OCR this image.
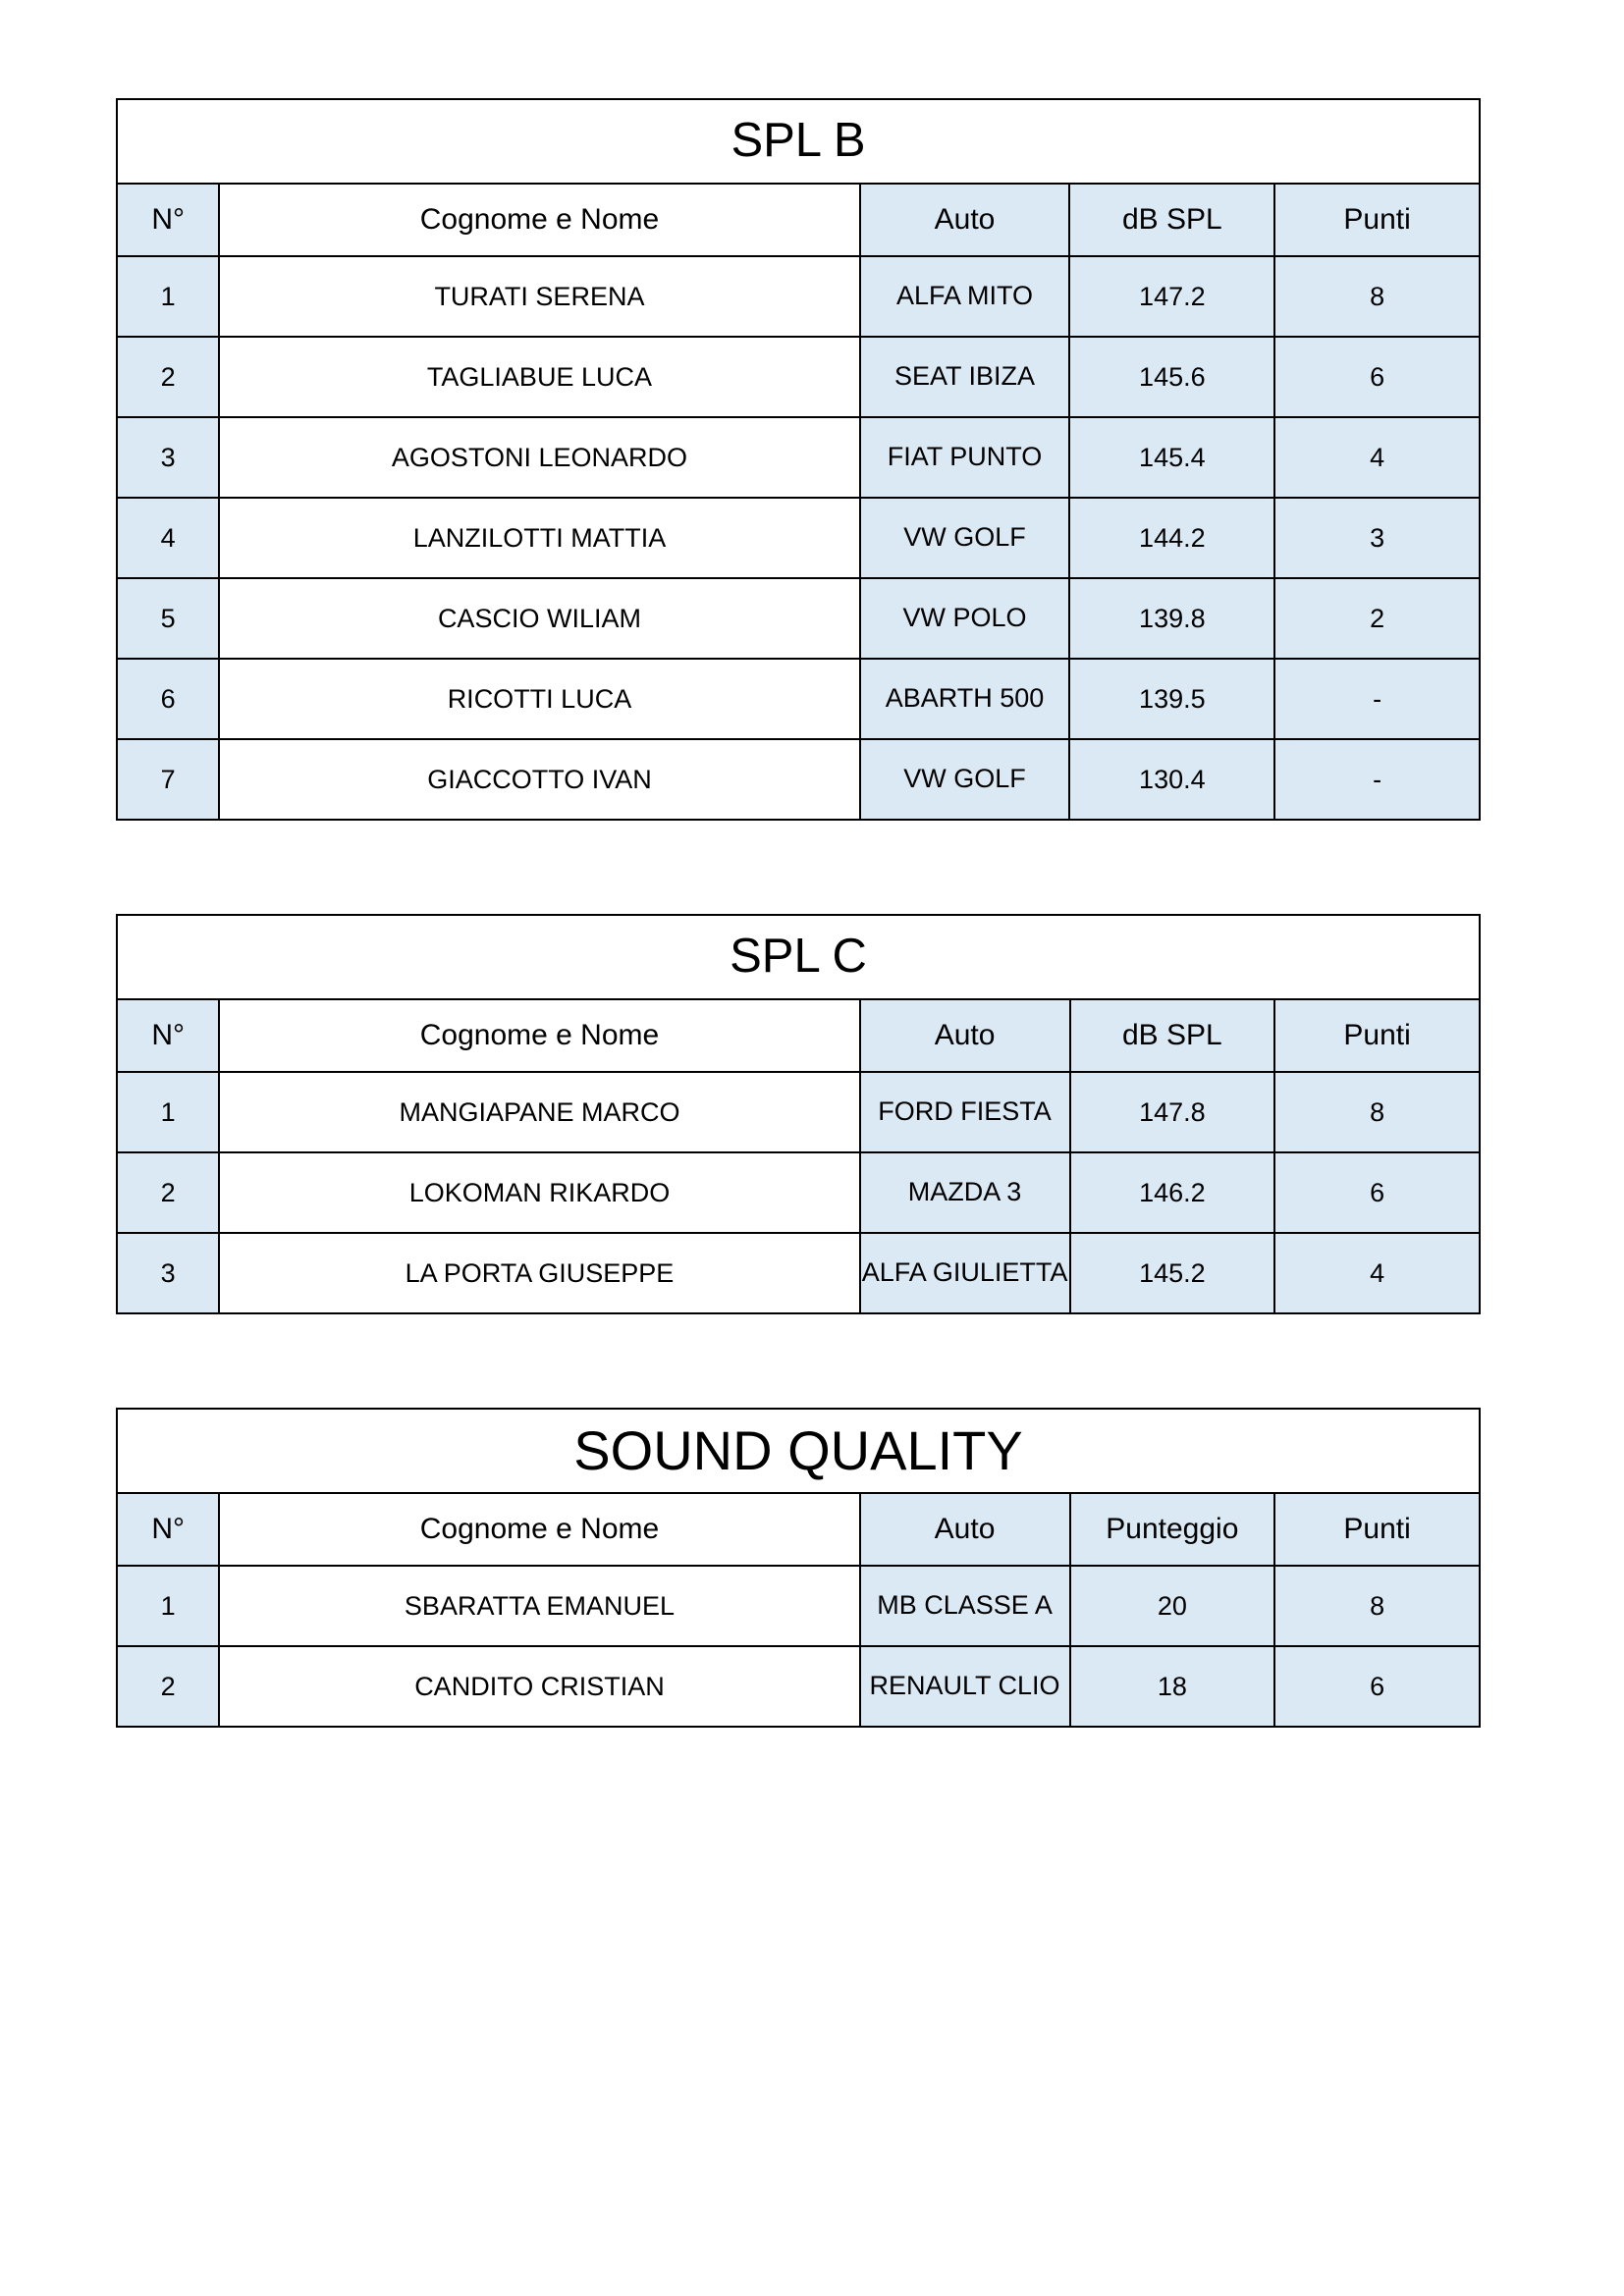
SPL B				
N°	Cognome e Nome	Auto	dB SPL	Punti
1	TURATI SERENA	ALFA MITO	147.2	8
2	TAGLIABUE LUCA	SEAT IBIZA	145.6	6
3	AGOSTONI LEONARDO	FIAT PUNTO	145.4	4
4	LANZILOTTI MATTIA	VW GOLF	144.2	3
5	CASCIO WILIAM	VW POLO	139.8	2
6	RICOTTI LUCA	ABARTH 500	139.5	-
7	GIACCOTTO IVAN	VW GOLF	130.4	-
SPL C				
N°	Cognome e Nome	Auto	dB SPL	Punti
1	MANGIAPANE MARCO	FORD FIESTA	147.8	8
2	LOKOMAN RIKARDO	MAZDA 3	146.2	6
3	LA PORTA GIUSEPPE	ALFA GIULIETTA	145.2	4
SOUND QUALITY				
N°	Cognome e Nome	Auto	Punteggio	Punti
1	SBARATTA EMANUEL	MB CLASSE A	20	8
2	CANDITO CRISTIAN	RENAULT CLIO	18	6
